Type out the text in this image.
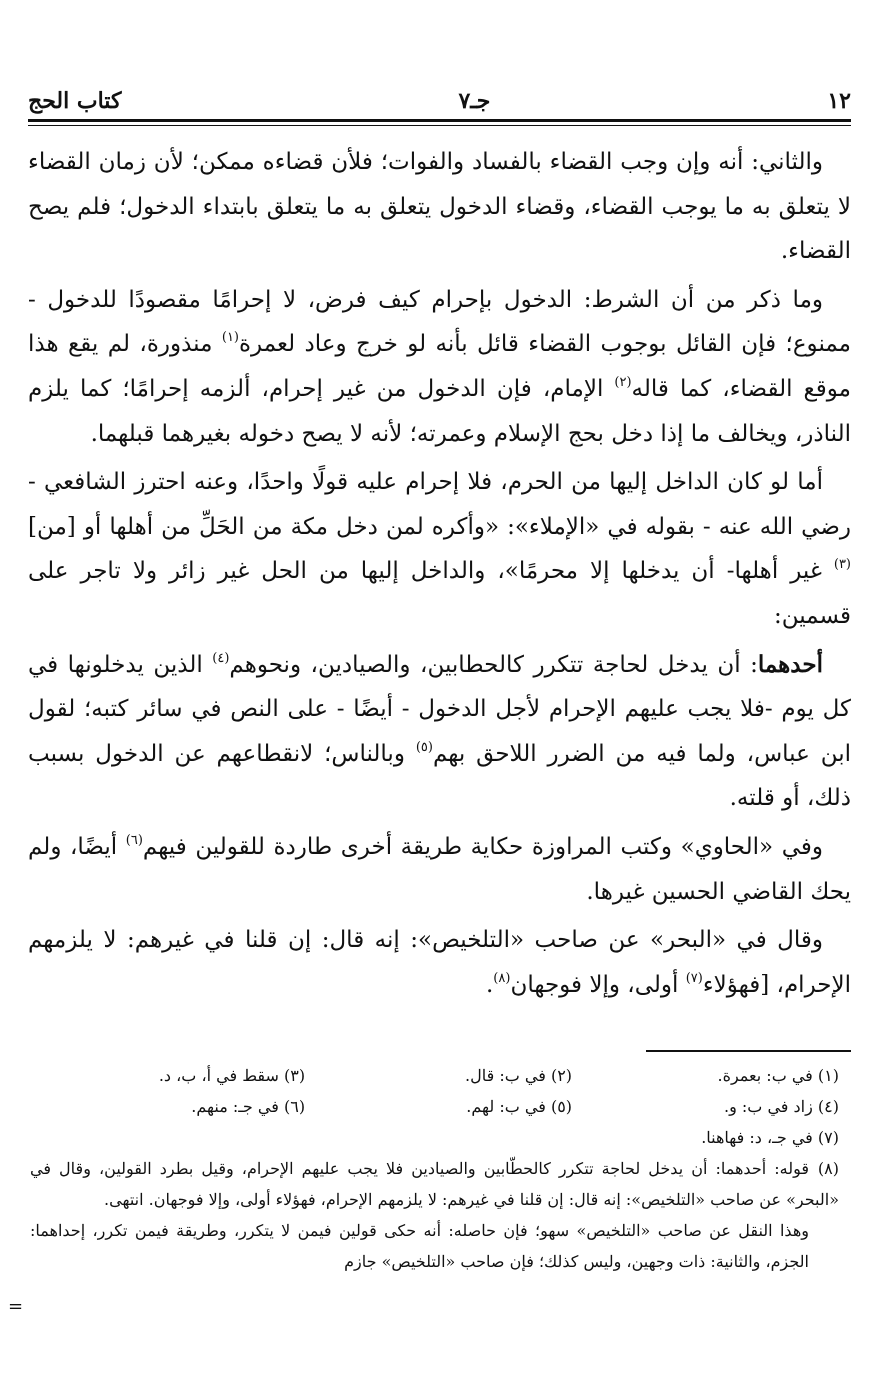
١٢
جـ٧
كتاب الحج

والثاني: أنه وإن وجب القضاء بالفساد والفوات؛ فلأن قضاءه ممكن؛ لأن زمان القضاء لا يتعلق به ما يوجب القضاء، وقضاء الدخول يتعلق به ما يتعلق بابتداء الدخول؛ فلم يصح القضاء.

وما ذكر من أن الشرط: الدخول بإحرام كيف فرض، لا إحرامًا مقصودًا للدخول - ممنوع؛ فإن القائل بوجوب القضاء قائل بأنه لو خرج وعاد لعمرة$^{(١)}$ منذورة، لم يقع هذا موقع القضاء، كما قاله$^{(٢)}$ الإمام، فإن الدخول من غير إحرام، ألزمه إحرامًا؛ كما يلزم الناذر، ويخالف ما إذا دخل بحج الإسلام وعمرته؛ لأنه لا يصح دخوله بغيرهما قبلهما.

أما لو كان الداخل إليها من الحرم، فلا إحرام عليه قولًا واحدًا، وعنه احترز الشافعي - رضي الله عنه - بقوله في «الإملاء»: «وأكره لمن دخل مكة من الحَلِّ من أهلها أو [من]$^{(٣)}$ غير أهلها- أن يدخلها إلا محرمًا»، والداخل إليها من الحل غير زائر ولا تاجر على قسمين:

أحدهما: أن يدخل لحاجة تتكرر كالحطابين، والصيادين، ونحوهم$^{(٤)}$ الذين يدخلونها في كل يوم -فلا يجب عليهم الإحرام لأجل الدخول - أيضًا - على النص في سائر كتبه؛ لقول ابن عباس، ولما فيه من الضرر اللاحق بهم$^{(٥)}$ وبالناس؛ لانقطاعهم عن الدخول بسبب ذلك، أو قلته.

وفي «الحاوي» وكتب المراوزة حكاية طريقة أخرى طاردة للقولين فيهم$^{(٦)}$ أيضًا، ولم يحك القاضي الحسين غيرها.

وقال في «البحر» عن صاحب «التلخيص»: إنه قال: إن قلنا في غيرهم: لا يلزمهم الإحرام، [فهؤلاء$^{(٧)}$ أولى، وإلا فوجهان$^{(٨)}$.

(١) في ب: بعمرة.
(٢) في ب: قال.
(٣) سقط في أ، ب، د.
(٤) زاد في ب: و.
(٥) في ب: لهم.
(٦) في جـ: منهم.
(٧) في جـ، د: فهاهنا.
(٨)قوله: أحدهما: أن يدخل لحاجة تتكرر كالحطّابين والصيادين فلا يجب عليهم الإحرام، وقيل بطرد القولين، وقال في «البحر» عن صاحب «التلخيص»: إنه قال: إن قلنا في غيرهم: لا يلزمهم الإحرام، فهؤلاء أولى، وإلا فوجهان. انتهى.
وهذا النقل عن صاحب «التلخيص» سهو؛ فإن حاصله: أنه حكى قولين فيمن لا يتكرر، وطريقة فيمن تكرر، إحداهما: الجزم، والثانية: ذات وجهين، وليس كذلك؛ فإن صاحب «التلخيص» جازم
=
